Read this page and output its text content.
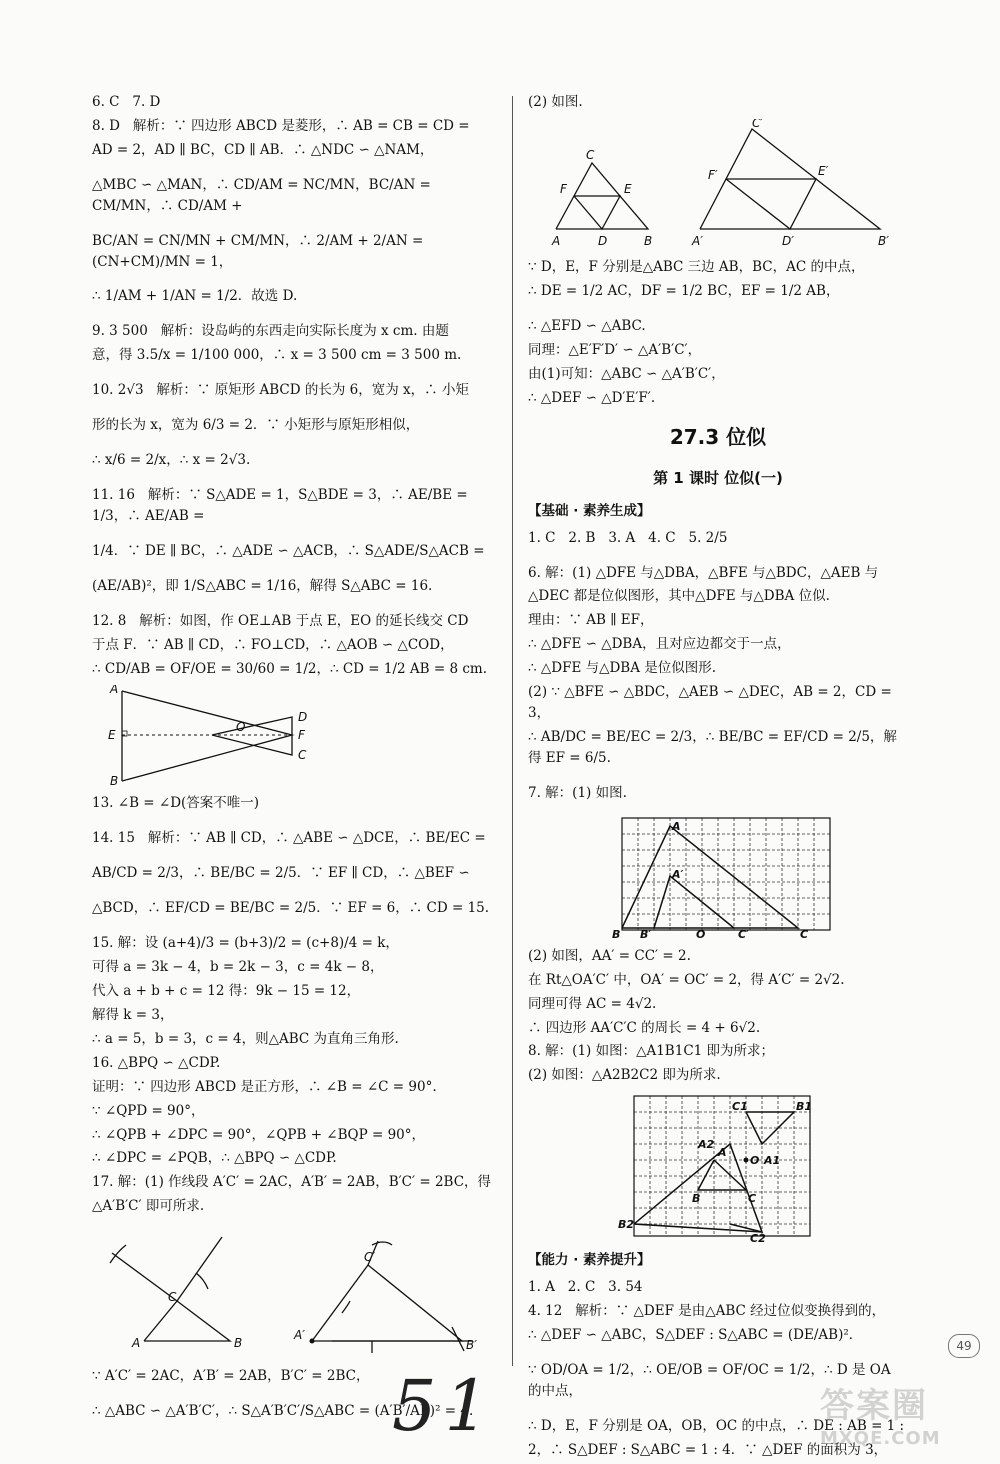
6. C   7. D
8. D   解析：∵ 四边形 ABCD 是菱形，∴ AB = CB = CD =
AD = 2，AD ∥ BC，CD ∥ AB．∴ △NDC ∽ △NAM，
△MBC ∽ △MAN，∴ CD/AM = NC/MN，BC/AN = CM/MN，∴ CD/AM +
BC/AN = CN/MN + CM/MN，∴ 2/AM + 2/AN = (CN+CM)/MN = 1，
∴ 1/AM + 1/AN = 1/2．故选 D.
9. 3 500   解析：设岛屿的东西走向实际长度为 x cm. 由题
意，得 3.5/x = 1/100 000，∴ x = 3 500 cm = 3 500 m.
10. 2√3   解析：∵ 原矩形 ABCD 的长为 6，宽为 x，∴ 小矩
形的长为 x，宽为 6/3 = 2．∵ 小矩形与原矩形相似，
∴ x/6 = 2/x，∴ x = 2√3.
11. 16   解析：∵ S△ADE = 1，S△BDE = 3，∴ AE/BE = 1/3，∴ AE/AB =
1/4．∵ DE ∥ BC，∴ △ADE ∽ △ACB，∴ S△ADE/S△ACB =
(AE/AB)²，即 1/S△ABC = 1/16，解得 S△ABC = 16.
12. 8   解析：如图，作 OE⊥AB 于点 E，EO 的延长线交 CD
于点 F．∵ AB ∥ CD，∴ FO⊥CD，∴ △AOB ∽ △COD，
∴ CD/AB = OF/OE = 30/60 = 1/2，∴ CD = 1/2 AB = 8 cm.
A
E
B
O
D
F
C
13. ∠B = ∠D(答案不唯一)
14. 15   解析：∵ AB ∥ CD，∴ △ABE ∽ △DCE，∴ BE/EC =
AB/CD = 2/3，∴ BE/BC = 2/5．∵ EF ∥ CD，∴ △BEF ∽
△BCD，∴ EF/CD = BE/BC = 2/5．∵ EF = 6，∴ CD = 15.
15. 解：设 (a+4)/3 = (b+3)/2 = (c+8)/4 = k，
可得 a = 3k − 4，b = 2k − 3，c = 4k − 8，
代入 a + b + c = 12 得：9k − 15 = 12，
解得 k = 3，
∴ a = 5，b = 3，c = 4，则△ABC 为直角三角形.
16. △BPQ ∽ △CDP.
证明：∵ 四边形 ABCD 是正方形，∴ ∠B = ∠C = 90°.
∵ ∠QPD = 90°，
∴ ∠QPB + ∠DPC = 90°，∠QPB + ∠BQP = 90°，
∴ ∠DPC = ∠PQB，∴ △BPQ ∽ △CDP.
17. 解：(1) 作线段 A′C′ = 2AC，A′B′ = 2AB，B′C′ = 2BC，得
△A′B′C′ 即可所求.
C
A	B
C′
A′
B′
∵ A′C′ = 2AC，A′B′ = 2AB，B′C′ = 2BC，
∴ △ABC ∽ △A′B′C′，∴ S△A′B′C′/S△ABC = (A′B′/AB)² = 4.
(2) 如图.
C
F	E
A	D	B
C′
F′	E′
A′	D′	B′
∵ D，E，F 分别是△ABC 三边 AB，BC，AC 的中点，
∴ DE = 1/2 AC，DF = 1/2 BC，EF = 1/2 AB，
∴ △EFD ∽ △ABC.
同理：△E′F′D′ ∽ △A′B′C′，
由(1)可知：△ABC ∽ △A′B′C′，
∴ △DEF ∽ △D′E′F′.
27.3 位似
第 1 课时 位似(一)
【基础 · 素养生成】
1. C   2. B   3. A   4. C   5. 2/5
6. 解：(1) △DFE 与△DBA，△BFE 与△BDC，△AEB 与
△DEC 都是位似图形，其中△DFE 与△DBA 位似.
理由：∵ AB ∥ EF，
∴ △DFE ∽ △DBA，且对应边都交于一点，
∴ △DFE 与△DBA 是位似图形.
(2) ∵ △BFE ∽ △BDC，△AEB ∽ △DEC，AB = 2，CD = 3，
∴ AB/DC = BE/EC = 2/3，∴ BE/BC = EF/CD = 2/5，解得 EF = 6/5.
7. 解：(1) 如图.
A
A′
B B′	O	C′	C
(2) 如图，AA′ = CC′ = 2.
在 Rt△OA′C′ 中，OA′ = OC′ = 2，得 A′C′ = 2√2.
同理可得 AC = 4√2.
∴ 四边形 AA′C′C 的周长 = 4 + 6√2.
8. 解：(1) 如图：△A1B1C1 即为所求；
(2) 如图：△A2B2C2 即为所求.
C1	B1
A2
A
O A1
B	C
B2
C2
【能力 · 素养提升】
1. A   2. C   3. 54
4. 12   解析：∵ △DEF 是由△ABC 经过位似变换得到的，
∴ △DEF ∽ △ABC，S△DEF : S△ABC = (DE/AB)²．
∵ OD/OA = 1/2，∴ OE/OB = OF/OC = 1/2，∴ D 是 OA 的中点，
∴ D，E，F 分别是 OA，OB，OC 的中点，∴ DE : AB = 1 :
2，∴ S△DEF : S△ABC = 1 : 4．∵ △DEF 的面积为 3，
49
51	答案圈
MXQE.COM
